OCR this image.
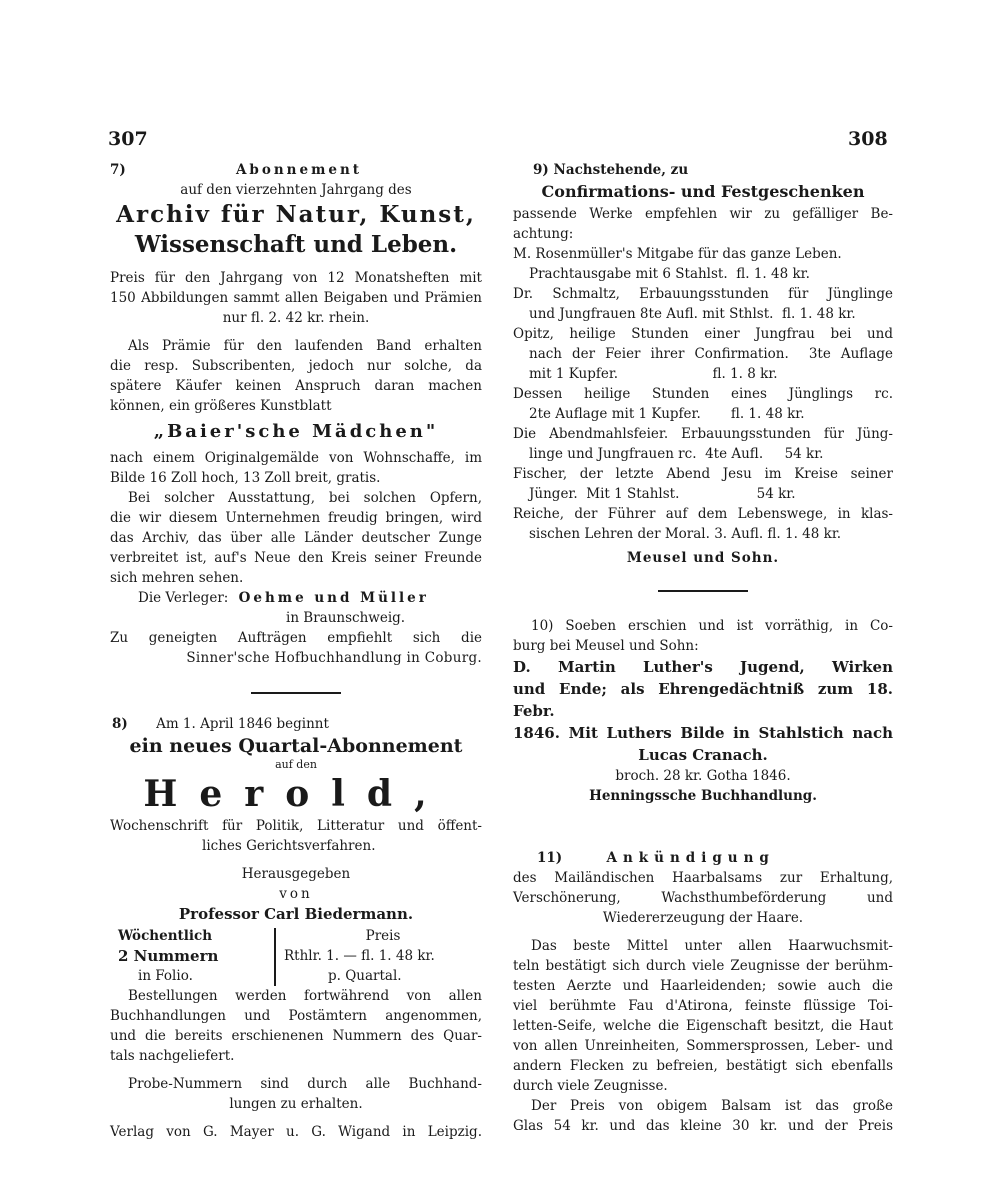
307	308
7)	Abonnement

auf den vierzehnten Jahrgang des

Archiv für Natur, Kunst,

Wissenschaft und Leben.

Preis für den Jahrgang von 12 Monatsheften mit

150 Abbildungen sammt allen Beigaben und Prämien

nur fl. 2. 42 kr. rhein.

Als Prämie für den laufenden Band erhalten

die resp. Subscribenten, jedoch nur solche, da

spätere Käufer keinen Anspruch daran machen

können, ein größeres Kunstblatt

„Baier'sche Mädchen"

nach einem Originalgemälde von Wohnschaffe, im

Bilde 16 Zoll hoch, 13 Zoll breit, gratis.

Bei solcher Ausstattung, bei solchen Opfern,

die wir diesem Unternehmen freudig bringen, wird

das Archiv, das über alle Länder deutscher Zunge

verbreitet ist, auf's Neue den Kreis seiner Freunde

sich mehren sehen.

Die Verleger: Oehme und Müller

in Braunschweig.

Zu geneigten Aufträgen empfiehlt sich die

Sinner'sche Hofbuchhandlung in Coburg.

8) Am 1. April 1846 beginnt

ein neues Quartal-Abonnement

auf den

Herold,

Wochenschrift für Politik, Litteratur und öffent-

liches Gerichtsverfahren.

Herausgegeben

von

Professor Carl Biedermann.

Wöchentlich

2 Nummern

in Folio.

Preis

Rthlr. 1. — fl. 1. 48 kr.

p. Quartal.

Bestellungen werden fortwährend von allen

Buchhandlungen und Postämtern angenommen,

und die bereits erschienenen Nummern des Quar-

tals nachgeliefert.

Probe-Nummern sind durch alle Buchhand-

lungen zu erhalten.

Verlag von G. Mayer u. G. Wigand in Leipzig.

9) Nachstehende, zu

Confirmations- und Festgeschenken

passende Werke empfehlen wir zu gefälliger Be-

achtung:

M. Rosenmüller's Mitgabe für das ganze Leben.

Prachtausgabe mit 6 Stahlst.  fl. 1. 48 kr.

Dr. Schmaltz, Erbauungsstunden für Jünglinge

und Jungfrauen 8te Aufl. mit Sthlst.  fl. 1. 48 kr.

Opitz, heilige Stunden einer Jungfrau bei und

nach der Feier ihrer Confirmation.  3te Auflage

mit 1 Kupfer.                      fl. 1. 8 kr.

Dessen heilige Stunden eines Jünglings rc.

2te Auflage mit 1 Kupfer.       fl. 1. 48 kr.

Die Abendmahlsfeier. Erbauungsstunden für Jüng-

linge und Jungfrauen rc.  4te Aufl.     54 kr.

Fischer, der letzte Abend Jesu im Kreise seiner

Jünger.  Mit 1 Stahlst.                  54 kr.

Reiche, der Führer auf dem Lebenswege, in klas-

sischen Lehren der Moral. 3. Aufl. fl. 1. 48 kr.

Meusel und Sohn.

10) Soeben erschien und ist vorräthig, in Co-

burg bei Meusel und Sohn:

D. Martin Luther's Jugend, Wirken

und Ende; als Ehrengedächtniß zum 18. Febr.

1846. Mit Luthers Bilde in Stahlstich nach

Lucas Cranach.

broch. 28 kr. Gotha 1846.

Henningssche Buchhandlung.

11)	Ankündigung

des Mailändischen Haarbalsams zur Erhaltung,

Verschönerung, Wachsthumbeförderung und

Wiedererzeugung der Haare.

Das beste Mittel unter allen Haarwuchsmit-

teln bestätigt sich durch viele Zeugnisse der berühm-

testen Aerzte und Haarleidenden; sowie auch die

viel berühmte Fau d'Atirona, feinste flüssige Toi-

letten-Seife, welche die Eigenschaft besitzt, die Haut

von allen Unreinheiten, Sommersprossen, Leber- und

andern Flecken zu befreien, bestätigt sich ebenfalls

durch viele Zeugnisse.

Der Preis von obigem Balsam ist das große

Glas 54 kr. und das kleine 30 kr. und der Preis
